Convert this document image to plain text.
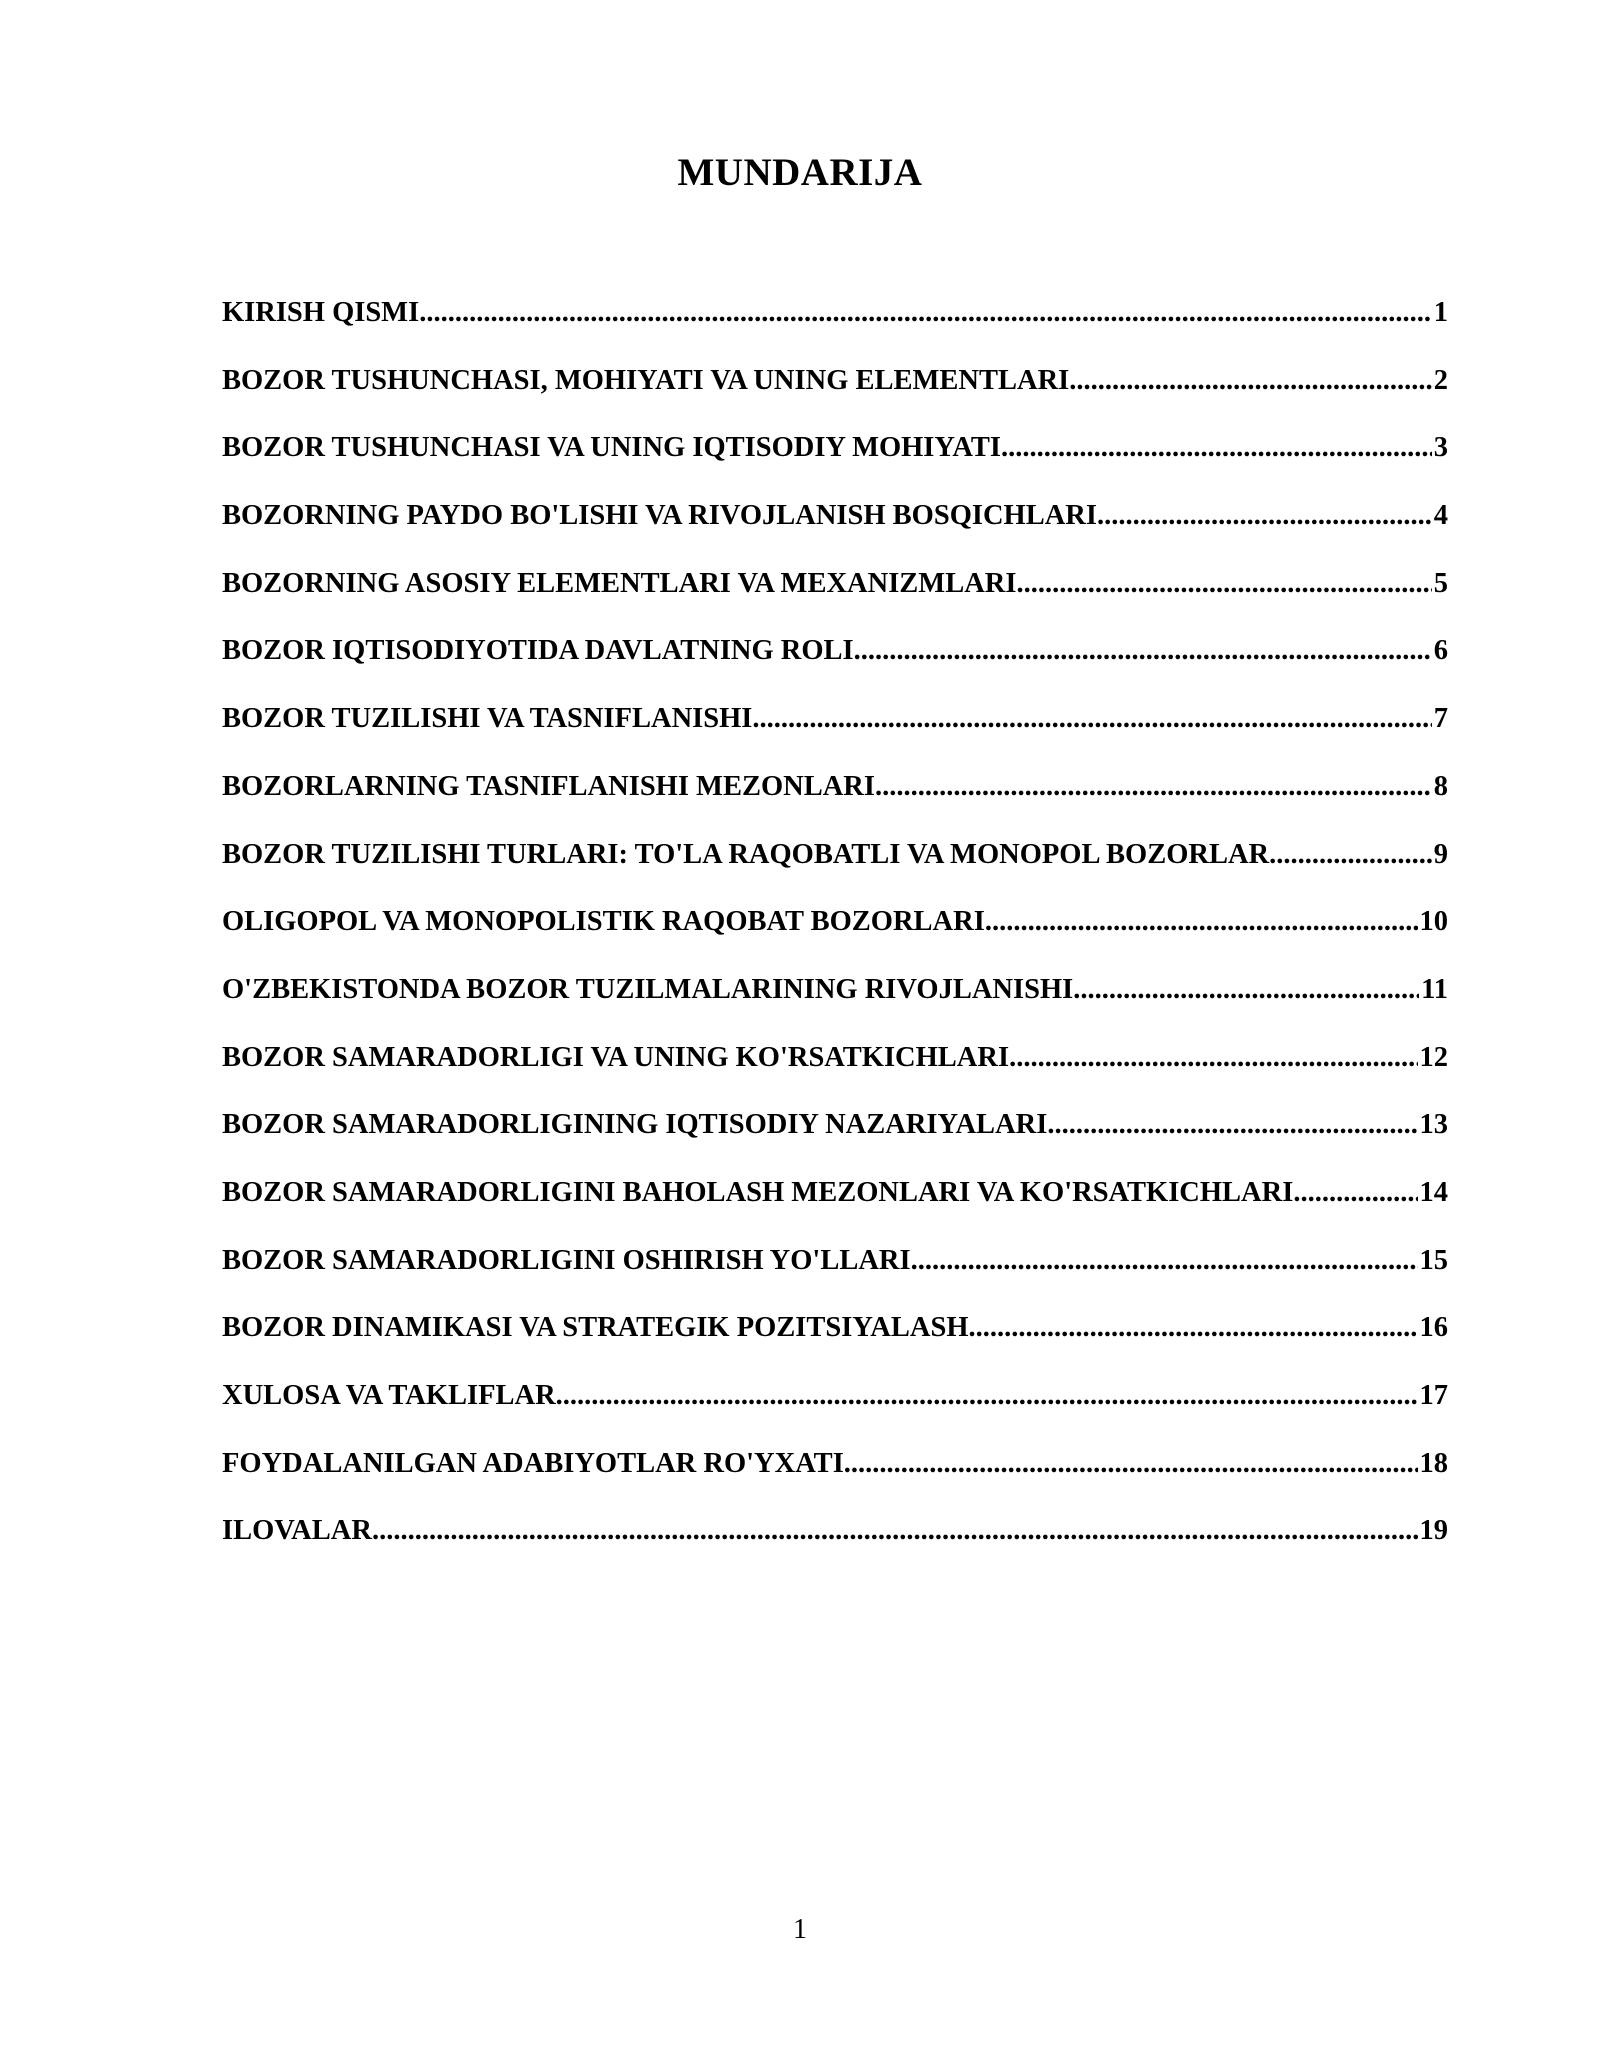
MUNDARIJA
KIRISH QISMI .....	1
BOZOR TUSHUNCHASI, MOHIYATI VA UNING ELEMENTLARI .....	2
BOZOR TUSHUNCHASI VA UNING IQTISODIY MOHIYATI .....	3
BOZORNING PAYDO BO'LISHI VA RIVOJLANISH BOSQICHLARI .....	4
BOZORNING ASOSIY ELEMENTLARI VA MEXANIZMLARI .....	5
BOZOR IQTISODIYOTIDA DAVLATNING ROLI .....	6
BOZOR TUZILISHI VA TASNIFLANISHI .....	7
BOZORLARNING TASNIFLANISHI MEZONLARI .....	8
BOZOR TUZILISHI TURLARI: TO'LA RAQOBATLI VA MONOPOL BOZORLAR .....	9
OLIGOPOL VA MONOPOLISTIK RAQOBAT BOZORLARI .....	10
O'ZBEKISTONDA BOZOR TUZILMALARINING RIVOJLANISHI .....	11
BOZOR SAMARADORLIGI VA UNING KO'RSATKICHLARI .....	12
BOZOR SAMARADORLIGINING IQTISODIY NAZARIYALARI .....	13
BOZOR SAMARADORLIGINI BAHOLASH MEZONLARI VA KO'RSATKICHLARI .....	14
BOZOR SAMARADORLIGINI OSHIRISH YO'LLARI .....	15
BOZOR DINAMIKASI VA STRATEGIK POZITSIYALASH .....	16
XULOSA VA TAKLIFLAR .....	17
FOYDALANILGAN ADABIYOTLAR RO'YXATI .....	18
ILOVALAR .....	19

1
